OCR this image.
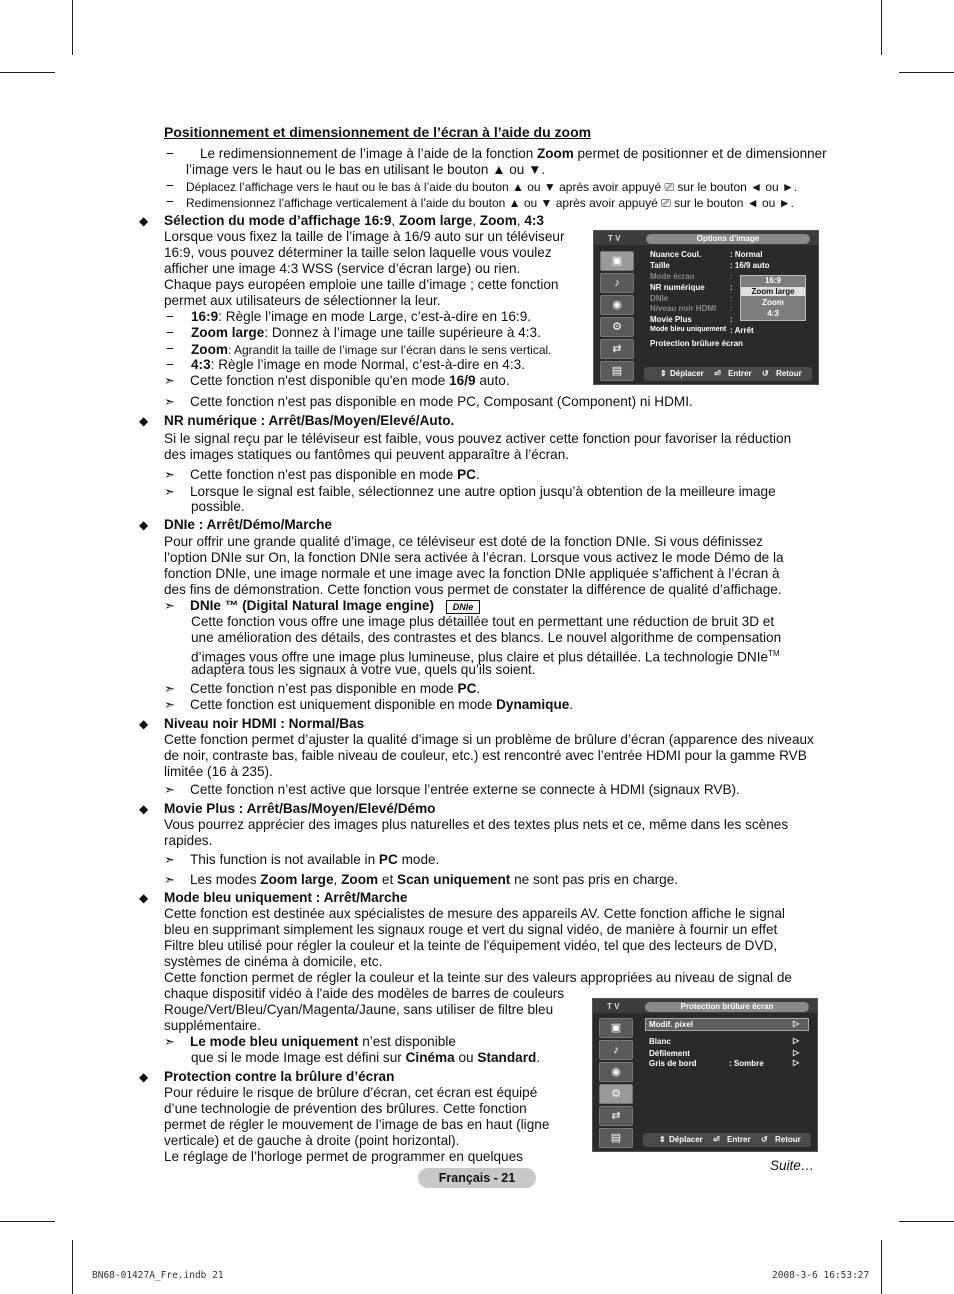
Positionnement et dimensionnement de l’écran à l’aide du zoom
− Le redimensionnement de l’image à l’aide de la fonction Zoom permet de positionner et de dimensionner
l’image vers le haut ou le bas en utilisant le bouton ▲ ou ▼.
− Déplacez l’affichage vers le haut ou le bas à l’aide du bouton ▲ ou ▼ après avoir appuyé ⎚ sur le bouton ◄ ou ►.
− Redimensionnez l’affichage verticalement à l’aide du bouton ▲ ou ▼ après avoir appuyé ⎚ sur le bouton ◄ ou ►.
◆ Sélection du mode d’affichage 16:9, Zoom large, Zoom, 4:3
Lorsque vous fixez la taille de l’image à 16/9 auto sur un téléviseur
16:9, vous pouvez déterminer la taille selon laquelle vous voulez
afficher une image 4:3 WSS (service d’écran large) ou rien.
Chaque pays européen emploie une taille d’image ; cette fonction
permet aux utilisateurs de sélectionner la leur.
− 16:9: Règle l’image en mode Large, c’est-à-dire en 16:9.
− Zoom large: Donnez à l’image une taille supérieure à 4:3.
− Zoom: Agrandit la taille de l’image sur l’écran dans le sens vertical.
− 4:3: Règle l’image en mode Normal, c’est-à-dire en 4:3.
➣ Cette fonction n'est disponible qu'en mode 16/9 auto.
➣ Cette fonction n'est pas disponible en mode PC, Composant (Component) ni HDMI.
◆ NR numérique : Arrêt/Bas/Moyen/Elevé/Auto.
Si le signal reçu par le téléviseur est faible, vous pouvez activer cette fonction pour favoriser la réduction
des images statiques ou fantômes qui peuvent apparaître à l’écran.
➣ Cette fonction n'est pas disponible en mode PC.
➣ Lorsque le signal est faible, sélectionnez une autre option jusqu’à obtention de la meilleure image
possible.
◆ DNIe : Arrêt/Démo/Marche
Pour offrir une grande qualité d’image, ce téléviseur est doté de la fonction DNIe. Si vous définissez
l’option DNIe sur On, la fonction DNIe sera activée à l’écran. Lorsque vous activez le mode Démo de la
fonction DNIe, une image normale et une image avec la fonction DNIe appliquée s’affichent à l’écran à
des fins de démonstration. Cette fonction vous permet de constater la différence de qualité d’affichage.
➣ DNIe ™ (Digital Natural Image engine)	DNIe
Cette fonction vous offre une image plus détaillée tout en permettant une réduction de bruit 3D et
une amélioration des détails, des contrastes et des blancs. Le nouvel algorithme de compensation
d’images vous offre une image plus lumineuse, plus claire et plus détaillée. La technologie DNIe™
adaptera tous les signaux à votre vue, quels qu’ils soient.
➣ Cette fonction n’est pas disponible en mode PC.
➣ Cette fonction est uniquement disponible en mode Dynamique.
◆ Niveau noir HDMI : Normal/Bas
Cette fonction permet d’ajuster la qualité d’image si un problème de brûlure d’écran (apparence des niveaux
de noir, contraste bas, faible niveau de couleur, etc.) est rencontré avec l’entrée HDMI pour la gamme RVB
limitée (16 à 235).
➣ Cette fonction n’est active que lorsque l’entrée externe se connecte à HDMI (signaux RVB).
◆ Movie Plus : Arrêt/Bas/Moyen/Elevé/Démo
Vous pourrez apprécier des images plus naturelles et des textes plus nets et ce, même dans les scènes
rapides.
➣ This function is not available in PC mode.
➣ Les modes Zoom large, Zoom et Scan uniquement ne sont pas pris en charge.
◆ Mode bleu uniquement : Arrêt/Marche
Cette fonction est destinée aux spécialistes de mesure des appareils AV. Cette fonction affiche le signal
bleu en supprimant simplement les signaux rouge et vert du signal vidéo, de manière à fournir un effet
Filtre bleu utilisé pour régler la couleur et la teinte de l'équipement vidéo, tel que des lecteurs de DVD,
systèmes de cinéma à domicile, etc.
Cette fonction permet de régler la couleur et la teinte sur des valeurs appropriées au niveau de signal de
chaque dispositif vidéo à l'aide des modèles de barres de couleurs
Rouge/Vert/Bleu/Cyan/Magenta/Jaune, sans utiliser de filtre bleu
supplémentaire.
➣ Le mode bleu uniquement n’est disponible
que si le mode Image est défini sur Cinéma ou Standard.
◆ Protection contre la brûlure d’écran
Pour réduire le risque de brûlure d’écran, cet écran est équipé
d’une technologie de prévention des brûlures. Cette fonction
permet de régler le mouvement de l’image de bas en haut (ligne
verticale) et de gauche à droite (point horizontal).
Le réglage de l’horloge permet de programmer en quelques
T V	Options d’image
▣
♪
◉
⚙
⇄
▤
Nuance Coul.	: Normal
Taille	: 16/9 auto
Mode écran	:
NR numérique	:
DNIe	:
Niveau noir HDMI :
Movie Plus	:
Mode bleu uniquement : Arrêt
Protection brûlure écran
16:9
Zoom large
Zoom
4:3
⇕ Déplacer ⏎ Entrer ↺ Retour
T V	Protection brûlure écran
▣
♪
◉
⚙
⇄
▤
Modif. pixel	▷
Blanc	▷
Défilement	▷
Gris de bord	: Sombre	▷
⇕ Déplacer ⏎ Entrer ↺ Retour
Suite…
Français - 21
BN68-01427A_Fre.indb 21	2008-3-6 16:53:27
